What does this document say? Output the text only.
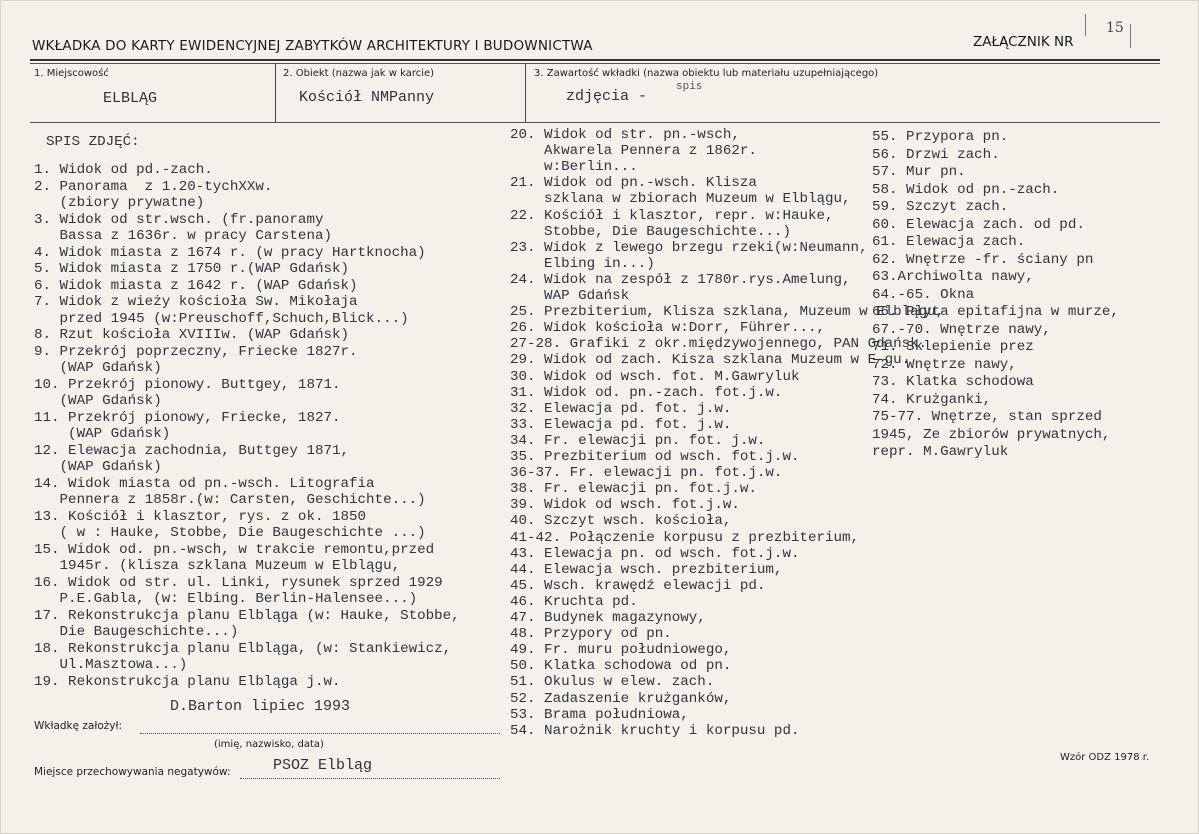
WKŁADKA DO KARTY EWIDENCYJNEJ ZABYTKÓW ARCHITEKTURY I BUDOWNICTWA	ZAŁĄCZNIK NR
15
1. Miejscowość
ELBLĄG
2. Obiekt (nazwa jak w karcie)
Kościół NMPanny
3. Zawartość wkładki (nazwa obiektu lub materiału uzupełniającego)
zdjęcia -
spis
SPIS ZDJĘĆ:
1. Widok od pd.-zach.
2. Panorama  z 1.20-tychXXw.
(zbiory prywatne)
3. Widok od str.wsch. (fr.panoramy
Bassa z 1636r. w pracy Carstena)
4. Widok miasta z 1674 r. (w pracy Hartknocha)
5. Widok miasta z 1750 r.(WAP Gdańsk)
6. Widok miasta z 1642 r. (WAP Gdańsk)
7. Widok z wieży kościoła Sw. Mikołaja
przed 1945 (w:Preuschoff,Schuch,Blick...)
8. Rzut kościoła XVIIIw. (WAP Gdańsk)
9. Przekrój poprzeczny, Friecke 1827r.
(WAP Gdańsk)
10. Przekrój pionowy. Buttgey, 1871.
(WAP Gdańsk)
11. Przekrój pionowy, Friecke, 1827.
(WAP Gdańsk)
12. Elewacja zachodnia, Buttgey 1871,
(WAP Gdańsk)
14. Widok miasta od pn.-wsch. Litografia
Pennera z 1858r.(w: Carsten, Geschichte...)
13. Kościół i klasztor, rys. z ok. 1850
( w : Hauke, Stobbe, Die Baugeschichte ...)
15. Widok od. pn.-wsch, w trakcie remontu,przed
1945r. (klisza szklana Muzeum w Elblągu,
16. Widok od str. ul. Linki, rysunek sprzed 1929
P.E.Gabla, (w: Elbing. Berlin-Halensee...)
17. Rekonstrukcja planu Elbląga (w: Hauke, Stobbe,
Die Baugeschichte...)
18. Rekonstrukcja planu Elbląga, (w: Stankiewicz,
Ul.Masztowa...)
19. Rekonstrukcja planu Elbląga j.w.
20. Widok od str. pn.-wsch,
Akwarela Pennera z 1862r.
w:Berlin...
21. Widok od pn.-wsch. Klisza
szklana w zbiorach Muzeum w Elblągu,
22. Kościół i klasztor, repr. w:Hauke,
Stobbe, Die Baugeschichte...)
23. Widok z lewego brzegu rzeki(w:Neumann,
Elbing in...)
24. Widok na zespół z 1780r.rys.Amelung,
WAP Gdańsk
25. Prezbiterium, Klisza szklana, Muzeum w Elblągu,
26. Widok kościoła w:Dorr, Führer...,
27-28. Grafiki z okr.międzywojennego, PAN Gdańsk.
29. Widok od zach. Kisza szklana Muzeum w E-gu.
30. Widok od wsch. fot. M.Gawryluk
31. Widok od. pn.-zach. fot.j.w.
32. Elewacja pd. fot. j.w.
33. Elewacja pd. fot. j.w.
34. Fr. elewacji pn. fot. j.w.
35. Prezbiterium od wsch. fot.j.w.
36-37. Fr. elewacji pn. fot.j.w.
38. Fr. elewacji pn. fot.j.w.
39. Widok od wsch. fot.j.w.
40. Szczyt wsch. kościoła,
41-42. Połączenie korpusu z prezbiterium,
43. Elewacja pn. od wsch. fot.j.w.
44. Elewacja wsch. prezbiterium,
45. Wsch. krawędź elewacji pd.
46. Kruchta pd.
47. Budynek magazynowy,
48. Przypory od pn.
49. Fr. muru południowego,
50. Klatka schodowa od pn.
51. Okulus w elew. zach.
52. Zadaszenie krużganków,
53. Brama południowa,
54. Narożnik kruchty i korpusu pd.
55. Przypora pn.
56. Drzwi zach.
57. Mur pn.
58. Widok od pn.-zach.
59. Szczyt zach.
60. Elewacja zach. od pd.
61. Elewacja zach.
62. Wnętrze -fr. ściany pn
63.Archiwolta nawy,
64.-65. Okna
66. Płyta epitafijna w murze,
67.-70. Wnętrze nawy,
71. Sklepienie prez
72. Wnętrze nawy,
73. Klatka schodowa
74. Krużganki,
75-77. Wnętrze, stan sprzed
1945, Ze zbiorów prywatnych,
repr. M.Gawryluk
D.Barton lipiec 1993
Wkładkę założył:
(imię, nazwisko, data)
Miejsce przechowywania negatywów:	PSOZ Elbląg	Wzór ODZ 1978 r.
